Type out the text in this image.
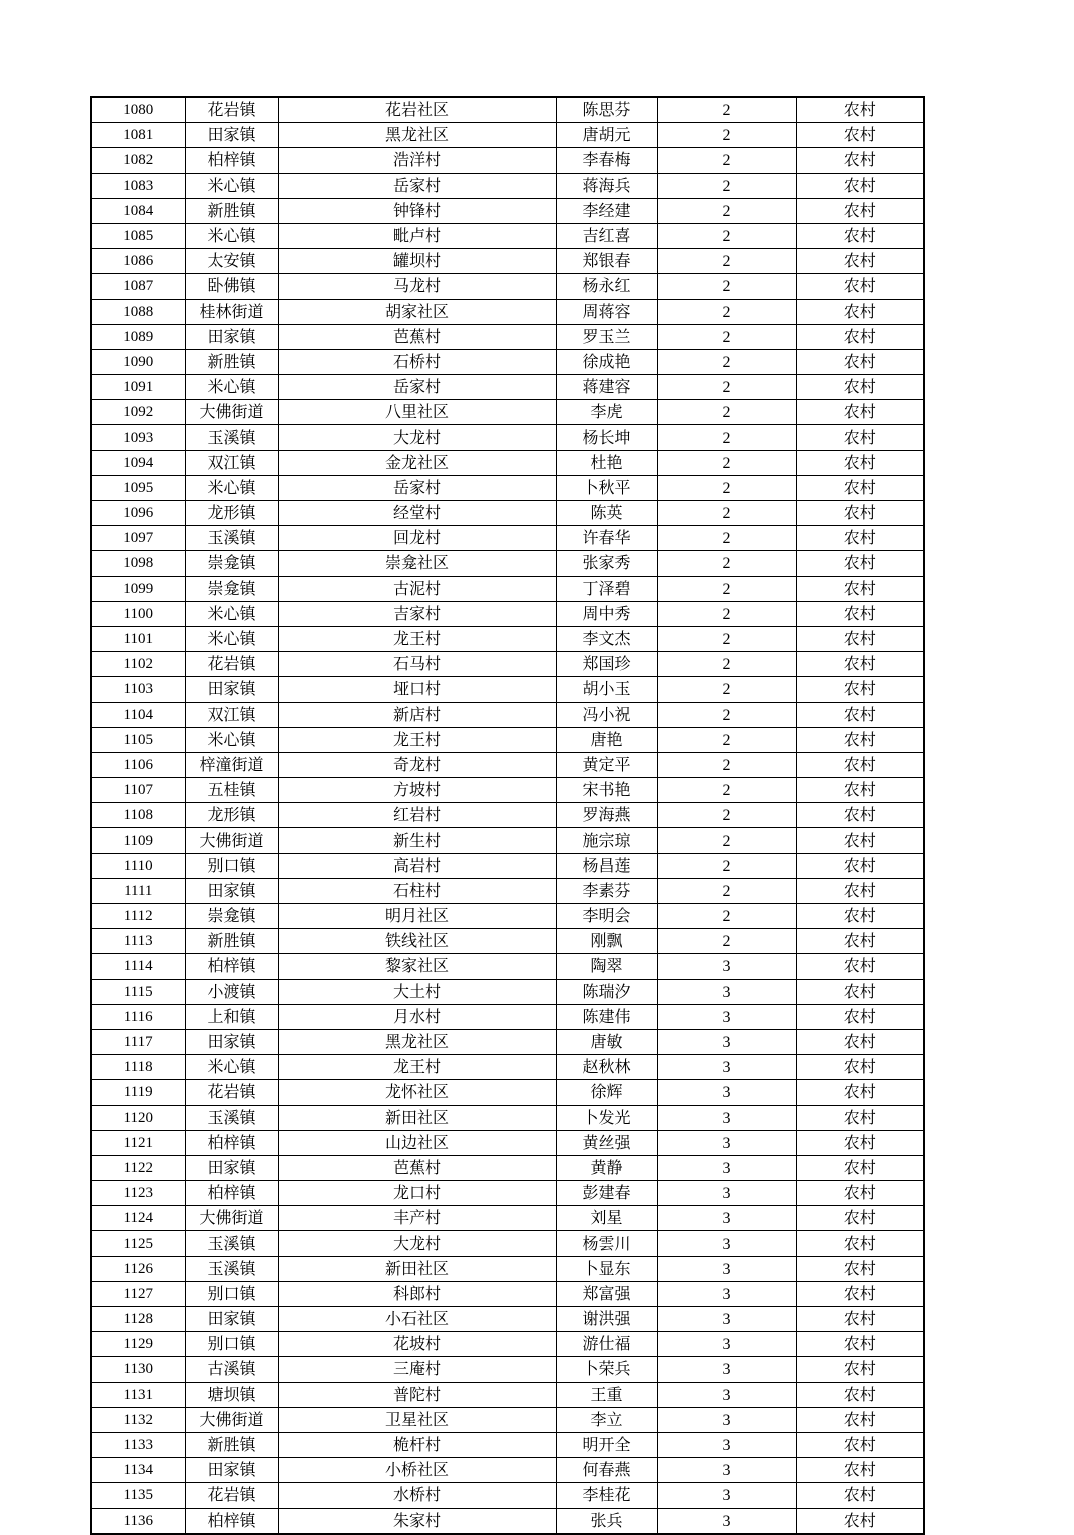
1080	花岩镇	花岩社区	陈思芬	2	农村
1081	田家镇	黑龙社区	唐胡元	2	农村
1082	柏梓镇	浩洋村	李春梅	2	农村
1083	米心镇	岳家村	蒋海兵	2	农村
1084	新胜镇	钟锋村	李经建	2	农村
1085	米心镇	毗卢村	吉红喜	2	农村
1086	太安镇	罐坝村	郑银春	2	农村
1087	卧佛镇	马龙村	杨永红	2	农村
1088	桂林街道	胡家社区	周蒋容	2	农村
1089	田家镇	芭蕉村	罗玉兰	2	农村
1090	新胜镇	石桥村	徐成艳	2	农村
1091	米心镇	岳家村	蒋建容	2	农村
1092	大佛街道	八里社区	李虎	2	农村
1093	玉溪镇	大龙村	杨长坤	2	农村
1094	双江镇	金龙社区	杜艳	2	农村
1095	米心镇	岳家村	卜秋平	2	农村
1096	龙形镇	经堂村	陈英	2	农村
1097	玉溪镇	回龙村	许春华	2	农村
1098	崇龛镇	崇龛社区	张家秀	2	农村
1099	崇龛镇	古泥村	丁泽碧	2	农村
1100	米心镇	吉家村	周中秀	2	农村
1101	米心镇	龙王村	李文杰	2	农村
1102	花岩镇	石马村	郑国珍	2	农村
1103	田家镇	垭口村	胡小玉	2	农村
1104	双江镇	新店村	冯小祝	2	农村
1105	米心镇	龙王村	唐艳	2	农村
1106	梓潼街道	奇龙村	黄定平	2	农村
1107	五桂镇	方坡村	宋书艳	2	农村
1108	龙形镇	红岩村	罗海燕	2	农村
1109	大佛街道	新生村	施宗琼	2	农村
1110	别口镇	高岩村	杨昌莲	2	农村
1111	田家镇	石柱村	李素芬	2	农村
1112	崇龛镇	明月社区	李明会	2	农村
1113	新胜镇	铁线社区	刚飘	2	农村
1114	柏梓镇	黎家社区	陶翠	3	农村
1115	小渡镇	大土村	陈瑞汐	3	农村
1116	上和镇	月水村	陈建伟	3	农村
1117	田家镇	黑龙社区	唐敏	3	农村
1118	米心镇	龙王村	赵秋林	3	农村
1119	花岩镇	龙怀社区	徐辉	3	农村
1120	玉溪镇	新田社区	卜发光	3	农村
1121	柏梓镇	山边社区	黄丝强	3	农村
1122	田家镇	芭蕉村	黄静	3	农村
1123	柏梓镇	龙口村	彭建春	3	农村
1124	大佛街道	丰产村	刘星	3	农村
1125	玉溪镇	大龙村	杨雲川	3	农村
1126	玉溪镇	新田社区	卜显东	3	农村
1127	别口镇	科郎村	郑富强	3	农村
1128	田家镇	小石社区	谢洪强	3	农村
1129	别口镇	花坡村	游仕福	3	农村
1130	古溪镇	三庵村	卜荣兵	3	农村
1131	塘坝镇	普陀村	王重	3	农村
1132	大佛街道	卫星社区	李立	3	农村
1133	新胜镇	桅杆村	明开全	3	农村
1134	田家镇	小桥社区	何春燕	3	农村
1135	花岩镇	水桥村	李桂花	3	农村
1136	柏梓镇	朱家村	张兵	3	农村
